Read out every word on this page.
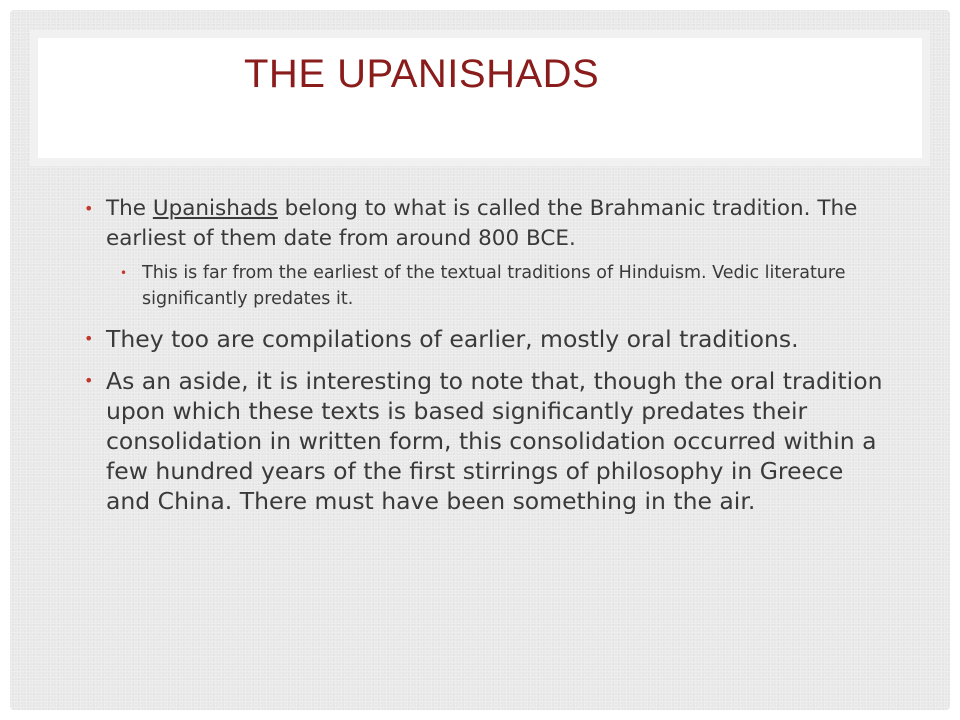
THE UPANISHADS

• The Upanishads belong to what is called the Brahmanic tradition. The earliest of them date from around 800 BCE.

• This is far from the earliest of the textual traditions of Hinduism. Vedic literature significantly predates it.

• They too are compilations of earlier, mostly oral traditions.

• As an aside, it is interesting to note that, though the oral tradition upon which these texts is based significantly predates their consolidation in written form, this consolidation occurred within a few hundred years of the first stirrings of philosophy in Greece and China. There must have been something in the air.
